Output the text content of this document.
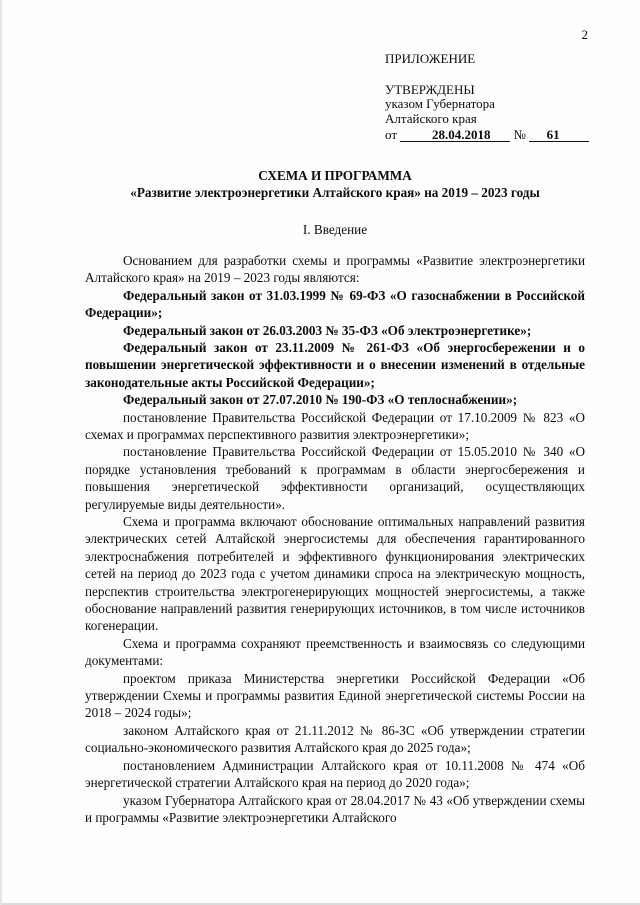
2
ПРИЛОЖЕНИЕ
УТВЕРЖДЕНЫ
указом Губернатора
Алтайского края
от	28.04.2018 № 61
СХЕМА И ПРОГРАММА
«Развитие электроэнергетики Алтайского края» на 2019 – 2023 годы
I. Введение

Основанием для разработки схемы и программы «Развитие электроэнергетики Алтайского края» на 2019 – 2023 годы являются:

Федеральный закон от 31.03.1999 № 69-ФЗ «О газоснабжении в Российской Федерации»;

Федеральный закон от 26.03.2003 № 35-ФЗ «Об электроэнергетике»;

Федеральный закон от 23.11.2009 № 261-ФЗ «Об энергосбережении и о повышении энергетической эффективности и о внесении изменений в отдельные законодательные акты Российской Федерации»;

Федеральный закон от 27.07.2010 № 190-ФЗ «О теплоснабжении»;

постановление Правительства Российской Федерации от 17.10.2009 № 823 «О схемах и программах перспективного развития электроэнергетики»;

постановление Правительства Российской Федерации от 15.05.2010 № 340 «О порядке установления требований к программам в области энергосбережения и повышения энергетической эффективности организаций, осуществляющих регулируемые виды деятельности».

Схема и программа включают обоснование оптимальных направлений развития электрических сетей Алтайской энергосистемы для обеспечения гарантированного электроснабжения потребителей и эффективного функционирования электрических сетей на период до 2023 года с учетом динамики спроса на электрическую мощность, перспектив строительства электрогенерирующих мощностей энергосистемы, а также обоснование направлений развития генерирующих источников, в том числе источников когенерации.

Схема и программа сохраняют преемственность и взаимосвязь со следующими документами:

проектом приказа Министерства энергетики Российской Федерации «Об утверждении Схемы и программы развития Единой энергетической системы России на 2018 – 2024 годы»;

законом Алтайского края от 21.11.2012 № 86-ЗС «Об утверждении стратегии социально-экономического развития Алтайского края до 2025 года»;

постановлением Администрации Алтайского края от 10.11.2008 № 474 «Об энергетической стратегии Алтайского края на период до 2020 года»;

указом Губернатора Алтайского края от 28.04.2017 № 43 «Об утверждении схемы и программы «Развитие электроэнергетики Алтайского
